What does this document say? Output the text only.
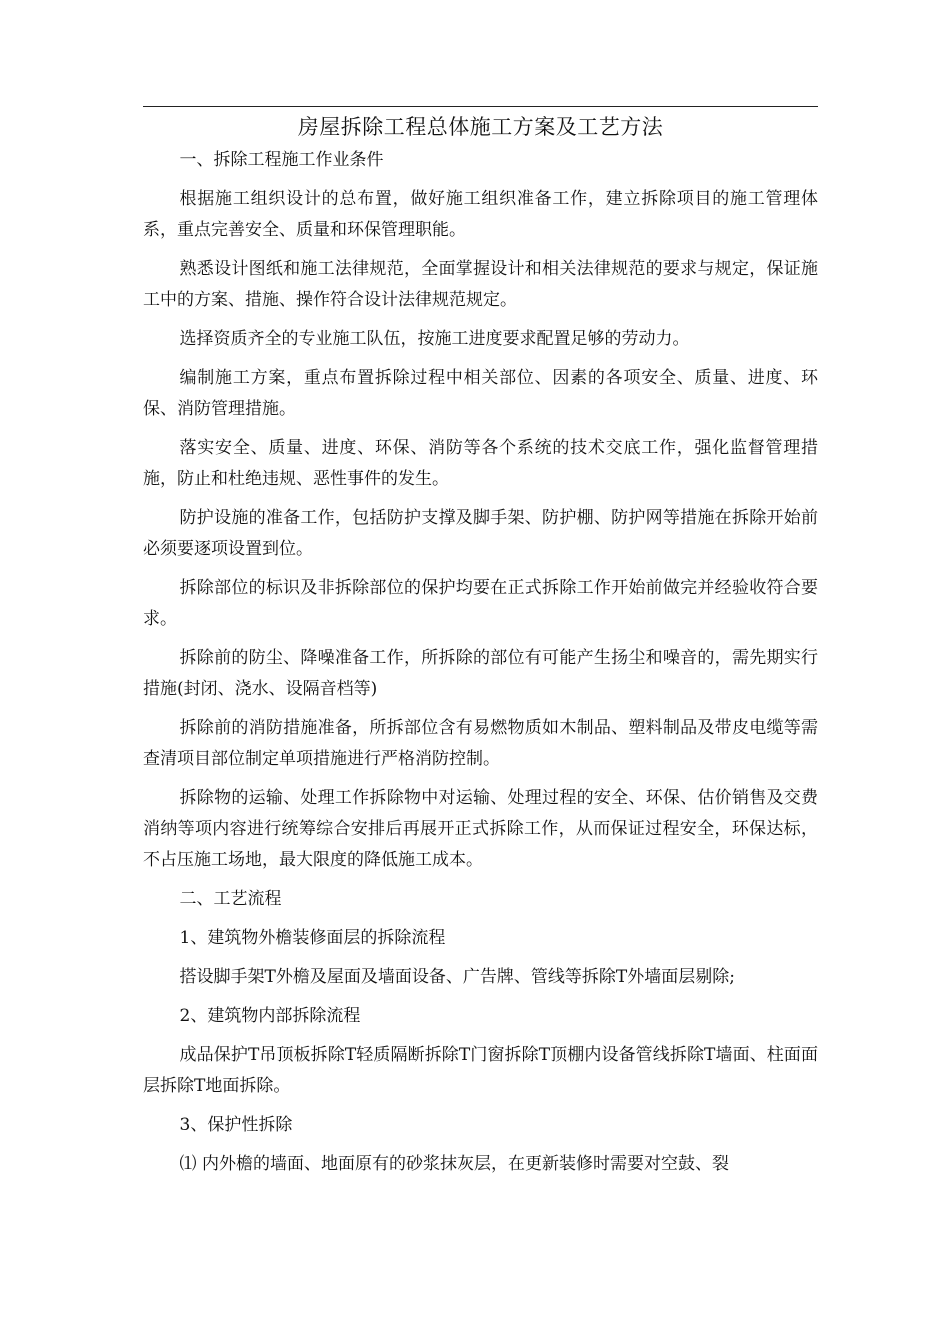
房屋拆除工程总体施工方案及工艺方法

一、拆除工程施工作业条件

根据施工组织设计的总布置，做好施工组织准备工作，建立拆除项目的施工管理体系，重点完善安全、质量和环保管理职能。

熟悉设计图纸和施工法律规范，全面掌握设计和相关法律规范的要求与规定，保证施工中的方案、措施、操作符合设计法律规范规定。

选择资质齐全的专业施工队伍，按施工进度要求配置足够的劳动力。

编制施工方案，重点布置拆除过程中相关部位、因素的各项安全、质量、进度、环保、消防管理措施。

落实安全、质量、进度、环保、消防等各个系统的技术交底工作，强化监督管理措施，防止和杜绝违规、恶性事件的发生。

防护设施的准备工作，包括防护支撑及脚手架、防护棚、防护网等措施在拆除开始前必须要逐项设置到位。

拆除部位的标识及非拆除部位的保护均要在正式拆除工作开始前做完并经验收符合要求。

拆除前的防尘、降噪准备工作，所拆除的部位有可能产生扬尘和噪音的，需先期实行措施(封闭、浇水、设隔音档等)

拆除前的消防措施准备，所拆部位含有易燃物质如木制品、塑料制品及带皮电缆等需查清项目部位制定单项措施进行严格消防控制。

拆除物的运输、处理工作拆除物中对运输、处理过程的安全、环保、估价销售及交费消纳等项内容进行统筹综合安排后再展开正式拆除工作，从而保证过程安全，环保达标，不占压施工场地，最大限度的降低施工成本。

二、工艺流程

1、建筑物外檐装修面层的拆除流程

搭设脚手架T外檐及屋面及墙面设备、广告牌、管线等拆除T外墙面层剔除;

2、建筑物内部拆除流程

成品保护T吊顶板拆除T轻质隔断拆除T门窗拆除T顶棚内设备管线拆除T墙面、柱面面层拆除T地面拆除。

3、保护性拆除

⑴ 内外檐的墙面、地面原有的砂浆抹灰层，在更新装修时需要对空鼓、裂
